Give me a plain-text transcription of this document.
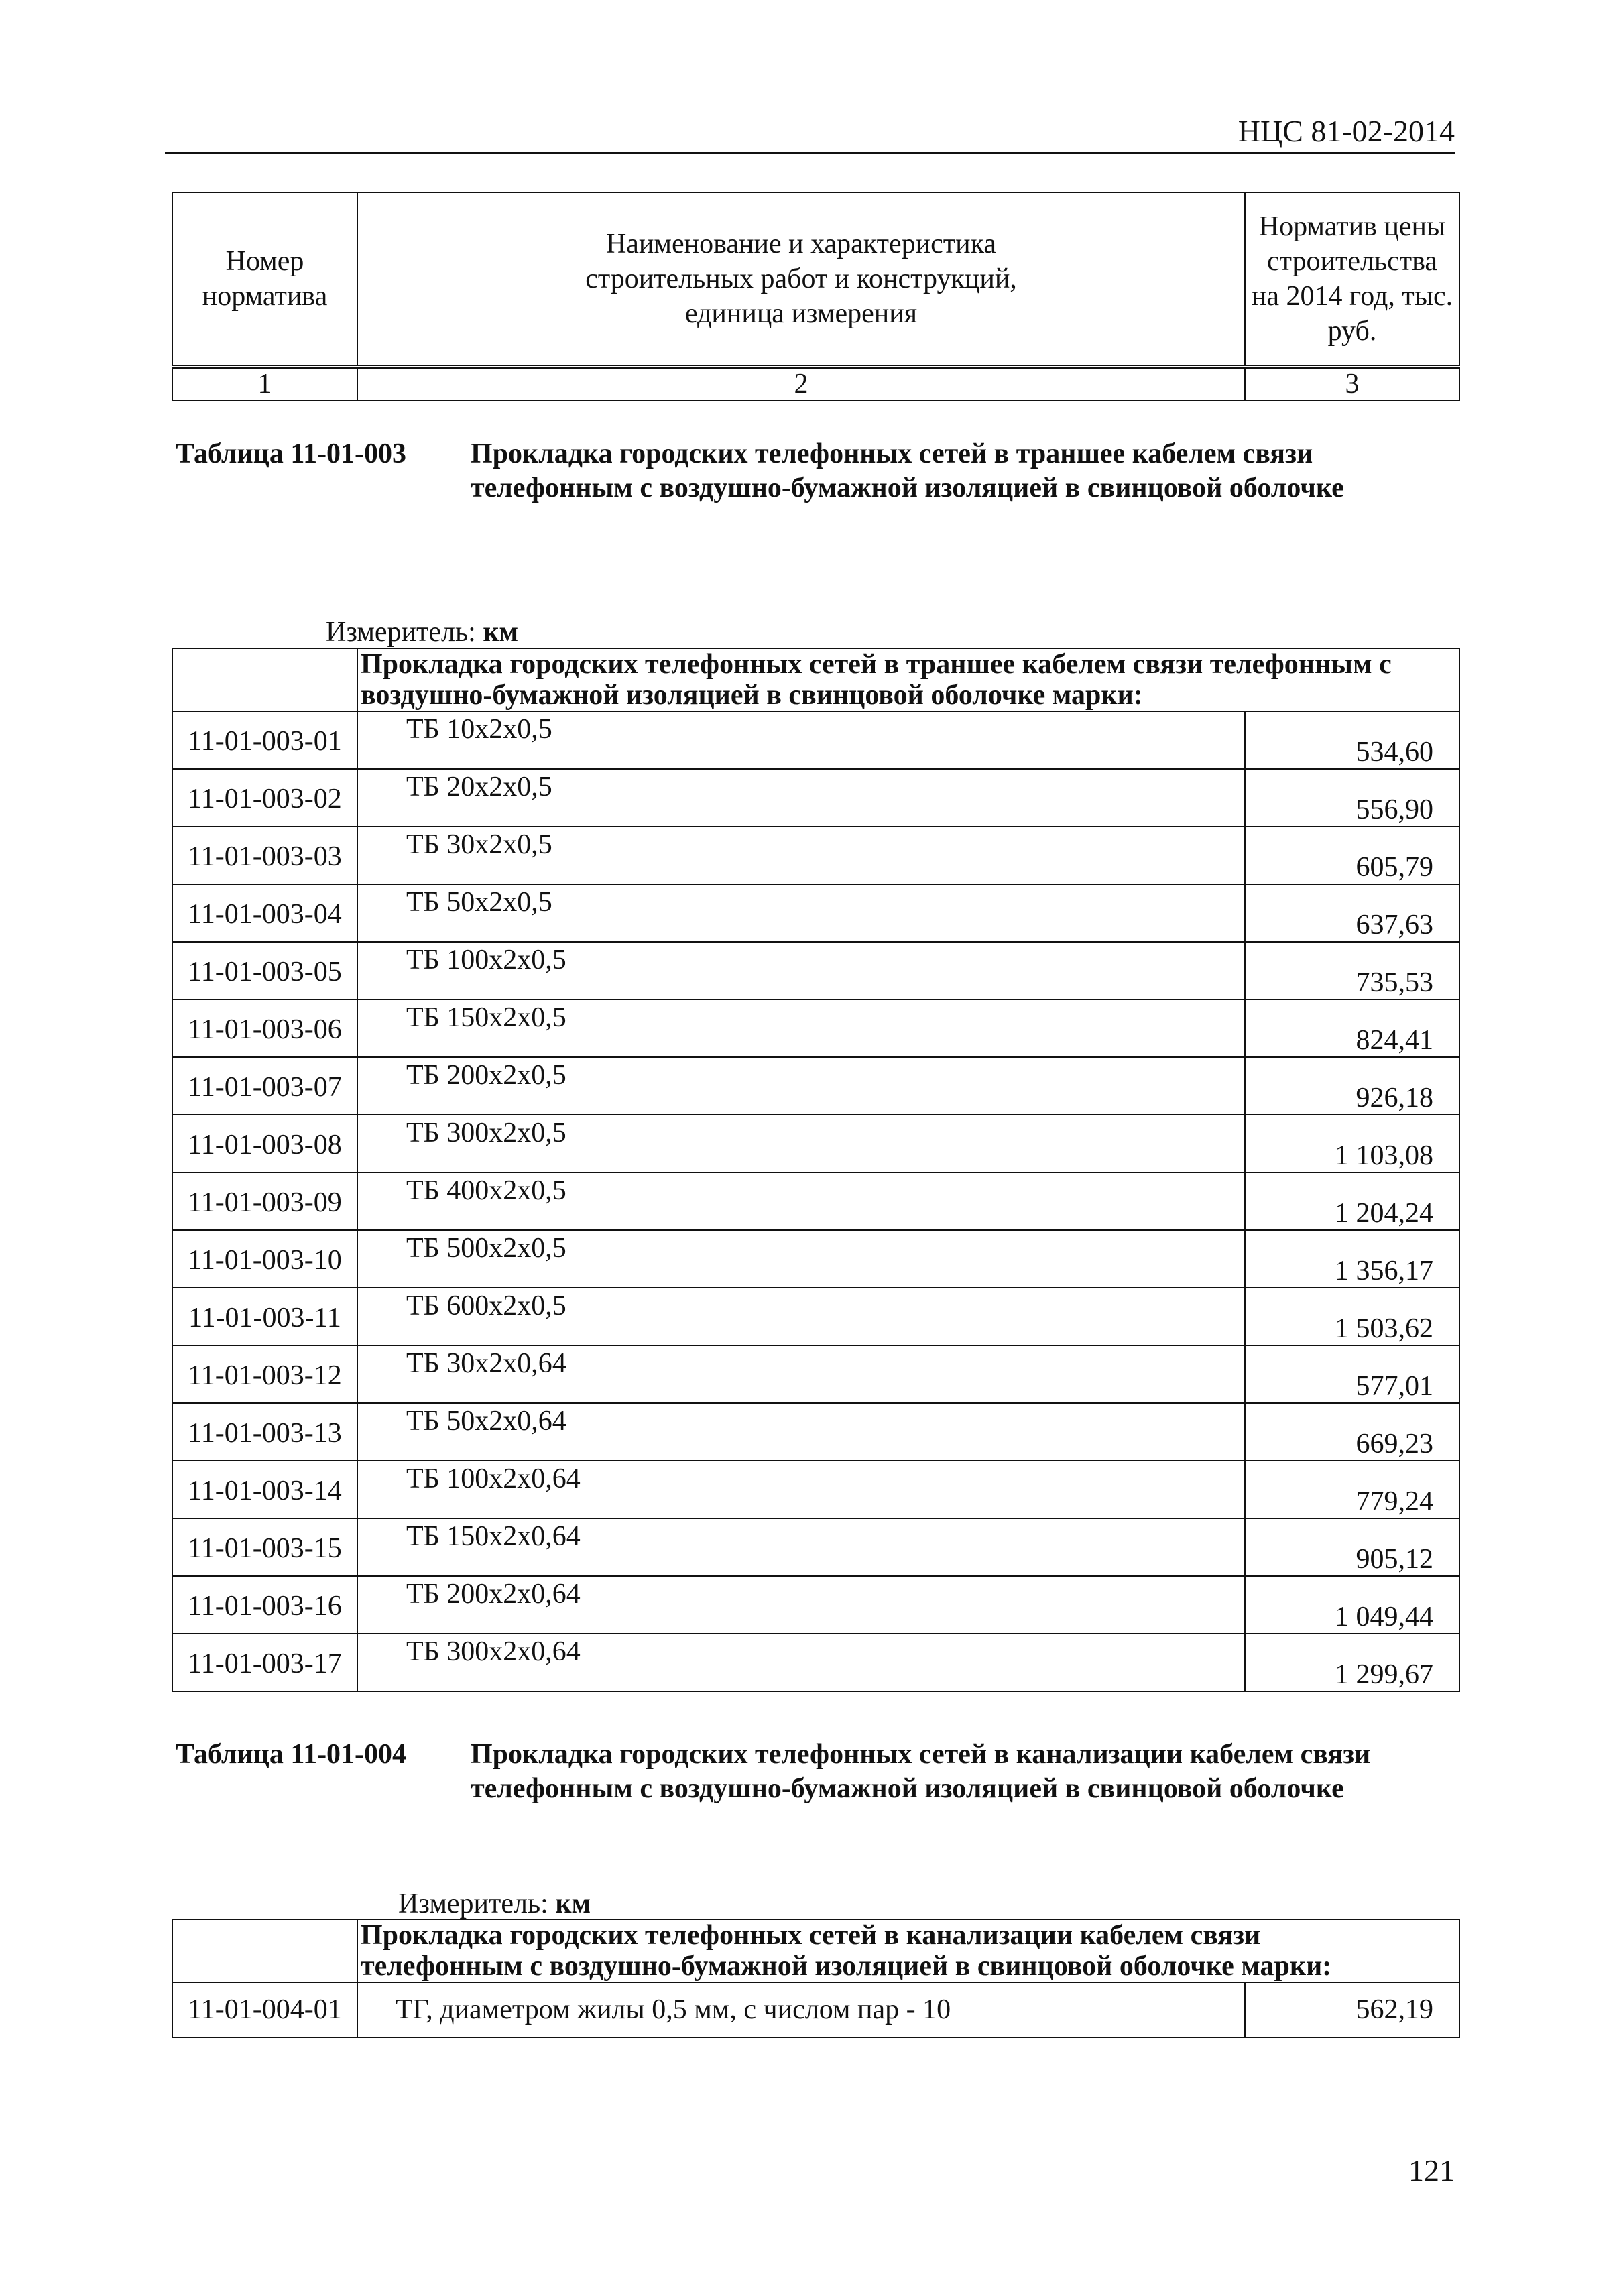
НЦС 81-02-2014
Номер норматива	Наименование и характеристика строительных работ и конструкций, единица измерения	Норматив цены строительства на 2014 год, тыс. руб.
1	2	3
Таблица 11-01-003	Прокладка городских телефонных сетей в траншее кабелем связи телефонным с воздушно-бумажной изоляцией в свинцовой оболочке
Измеритель: км
	Прокладка городских телефонных сетей в траншее кабелем связи телефонным с воздушно-бумажной изоляцией в свинцовой оболочке марки:	
11-01-003-01	ТБ 10х2х0,5	534,60
11-01-003-02	ТБ 20х2х0,5	556,90
11-01-003-03	ТБ 30х2х0,5	605,79
11-01-003-04	ТБ 50х2х0,5	637,63
11-01-003-05	ТБ 100х2х0,5	735,53
11-01-003-06	ТБ 150х2х0,5	824,41
11-01-003-07	ТБ 200х2х0,5	926,18
11-01-003-08	ТБ 300х2х0,5	1 103,08
11-01-003-09	ТБ 400х2х0,5	1 204,24
11-01-003-10	ТБ 500х2х0,5	1 356,17
11-01-003-11	ТБ 600х2х0,5	1 503,62
11-01-003-12	ТБ 30х2х0,64	577,01
11-01-003-13	ТБ 50х2х0,64	669,23
11-01-003-14	ТБ 100х2х0,64	779,24
11-01-003-15	ТБ 150х2х0,64	905,12
11-01-003-16	ТБ 200х2х0,64	1 049,44
11-01-003-17	ТБ 300х2х0,64	1 299,67
Таблица 11-01-004	Прокладка городских телефонных сетей в канализации кабелем связи телефонным с воздушно-бумажной изоляцией в свинцовой оболочке
Измеритель: км
	Прокладка городских телефонных сетей в канализации кабелем связи телефонным с воздушно-бумажной изоляцией в свинцовой оболочке марки:	
11-01-004-01	ТГ, диаметром жилы 0,5 мм, с числом пар - 10	562,19
121
